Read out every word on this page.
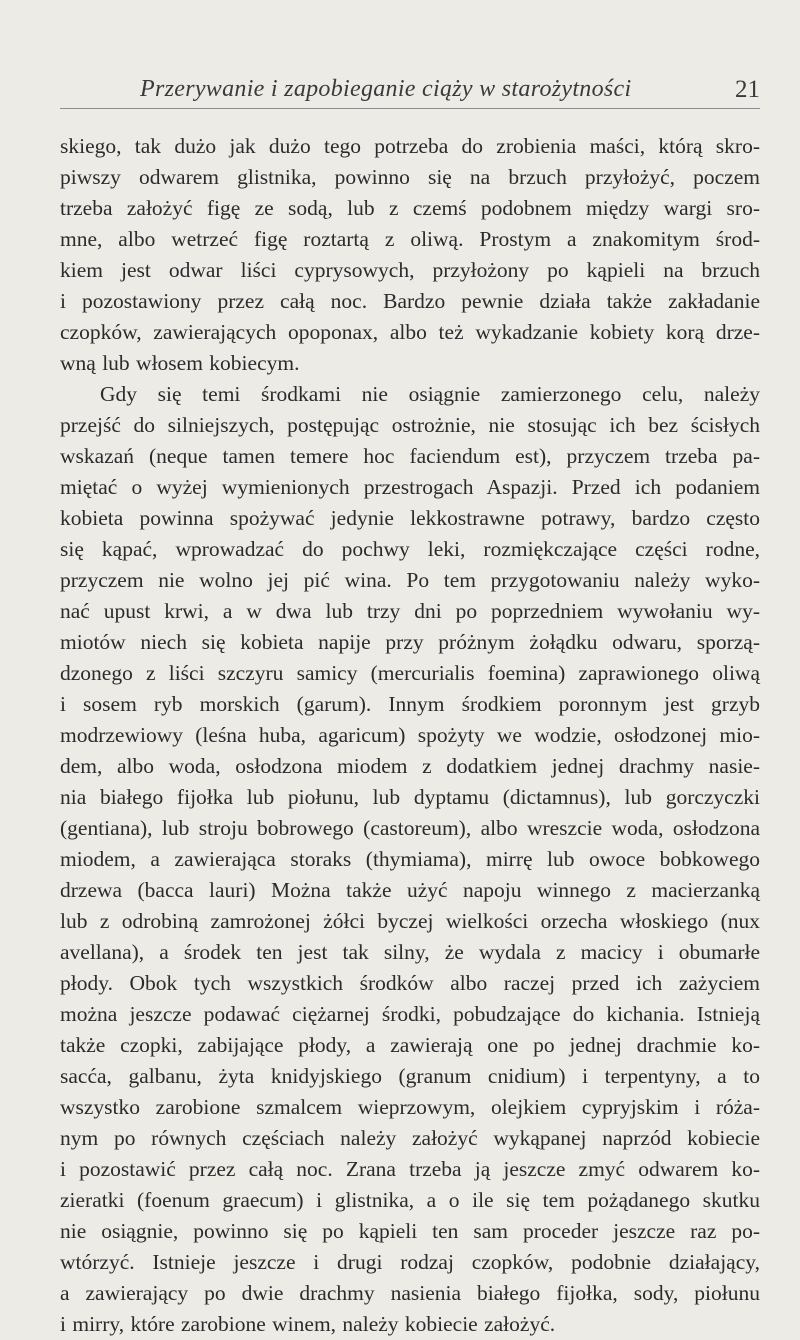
Przerywanie i zapobieganie ciąży w starożytności	21
skiego, tak dużo jak dużo tego potrzeba do zrobienia maści, którą skro-
piwszy odwarem glistnika, powinno się na brzuch przyłożyć, poczem
trzeba założyć figę ze sodą, lub z czemś podobnem między wargi sro-
mne, albo wetrzeć figę roztartą z oliwą. Prostym a znakomitym środ-
kiem jest odwar liści cyprysowych, przyłożony po kąpieli na brzuch
i pozostawiony przez całą noc. Bardzo pewnie działa także zakładanie
czopków, zawierających opoponax, albo też wykadzanie kobiety korą drze-
wną lub włosem kobiecym.
Gdy się temi środkami nie osiągnie zamierzonego celu, należy
przejść do silniejszych, postępując ostrożnie, nie stosując ich bez ścisłych
wskazań (neque tamen temere hoc faciendum est), przyczem trzeba pa-
miętać o wyżej wymienionych przestrogach Aspazji. Przed ich podaniem
kobieta powinna spożywać jedynie lekkostrawne potrawy, bardzo często
się kąpać, wprowadzać do pochwy leki, rozmiękczające części rodne,
przyczem nie wolno jej pić wina. Po tem przygotowaniu należy wyko-
nać upust krwi, a w dwa lub trzy dni po poprzedniem wywołaniu wy-
miotów niech się kobieta napije przy próżnym żołądku odwaru, sporzą-
dzonego z liści szczyru samicy (mercurialis foemina) zaprawionego oliwą
i sosem ryb morskich (garum). Innym środkiem poronnym jest grzyb
modrzewiowy (leśna huba, agaricum) spożyty we wodzie, osłodzonej mio-
dem, albo woda, osłodzona miodem z dodatkiem jednej drachmy nasie-
nia białego fijołka lub piołunu, lub dyptamu (dictamnus), lub gorczyczki
(gentiana), lub stroju bobrowego (castoreum), albo wreszcie woda, osłodzona
miodem, a zawierająca storaks (thymiama), mirrę lub owoce bobkowego
drzewa (bacca lauri) Można także użyć napoju winnego z macierzanką
lub z odrobiną zamrożonej żółci byczej wielkości orzecha włoskiego (nux
avellana), a środek ten jest tak silny, że wydala z macicy i obumarłe
płody. Obok tych wszystkich środków albo raczej przed ich zażyciem
można jeszcze podawać ciężarnej środki, pobudzające do kichania. Istnieją
także czopki, zabijające płody, a zawierają one po jednej drachmie ko-
sacća, galbanu, żyta knidyjskiego (granum cnidium) i terpentyny, a to
wszystko zarobione szmalcem wieprzowym, olejkiem cypryjskim i róża-
nym po równych częściach należy założyć wykąpanej naprzód kobiecie
i pozostawić przez całą noc. Zrana trzeba ją jeszcze zmyć odwarem ko-
zieratki (foenum graecum) i glistnika, a o ile się tem pożądanego skutku
nie osiągnie, powinno się po kąpieli ten sam proceder jeszcze raz po-
wtórzyć. Istnieje jeszcze i drugi rodzaj czopków, podobnie działający,
a zawierający po dwie drachmy nasienia białego fijołka, sody, piołunu
i mirry, które zarobione winem, należy kobiecie założyć.
